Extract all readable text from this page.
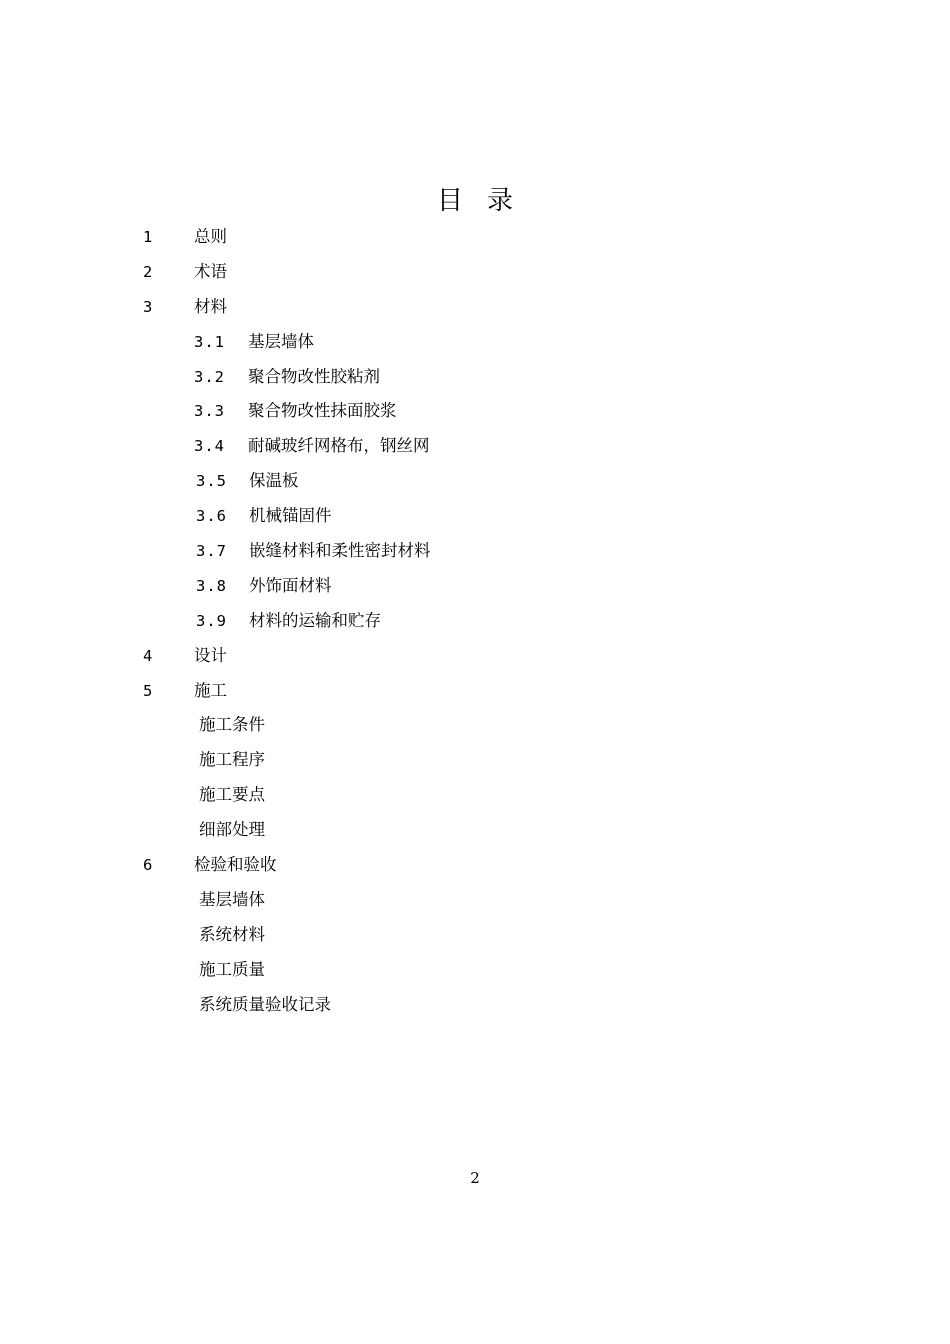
目录
1	总则
2	术语
3	材料
3.1 基层墙体
3.2 聚合物改性胶粘剂
3.3 聚合物改性抹面胶浆
3.4 耐碱玻纤网格布，钢丝网
3.5 保温板
3.6 机械锚固件
3.7 嵌缝材料和柔性密封材料
3.8 外饰面材料
3.9 材料的运输和贮存
4	设计
5	施工
施工条件
施工程序
施工要点
细部处理
6	检验和验收
基层墙体
系统材料
施工质量
系统质量验收记录
2
